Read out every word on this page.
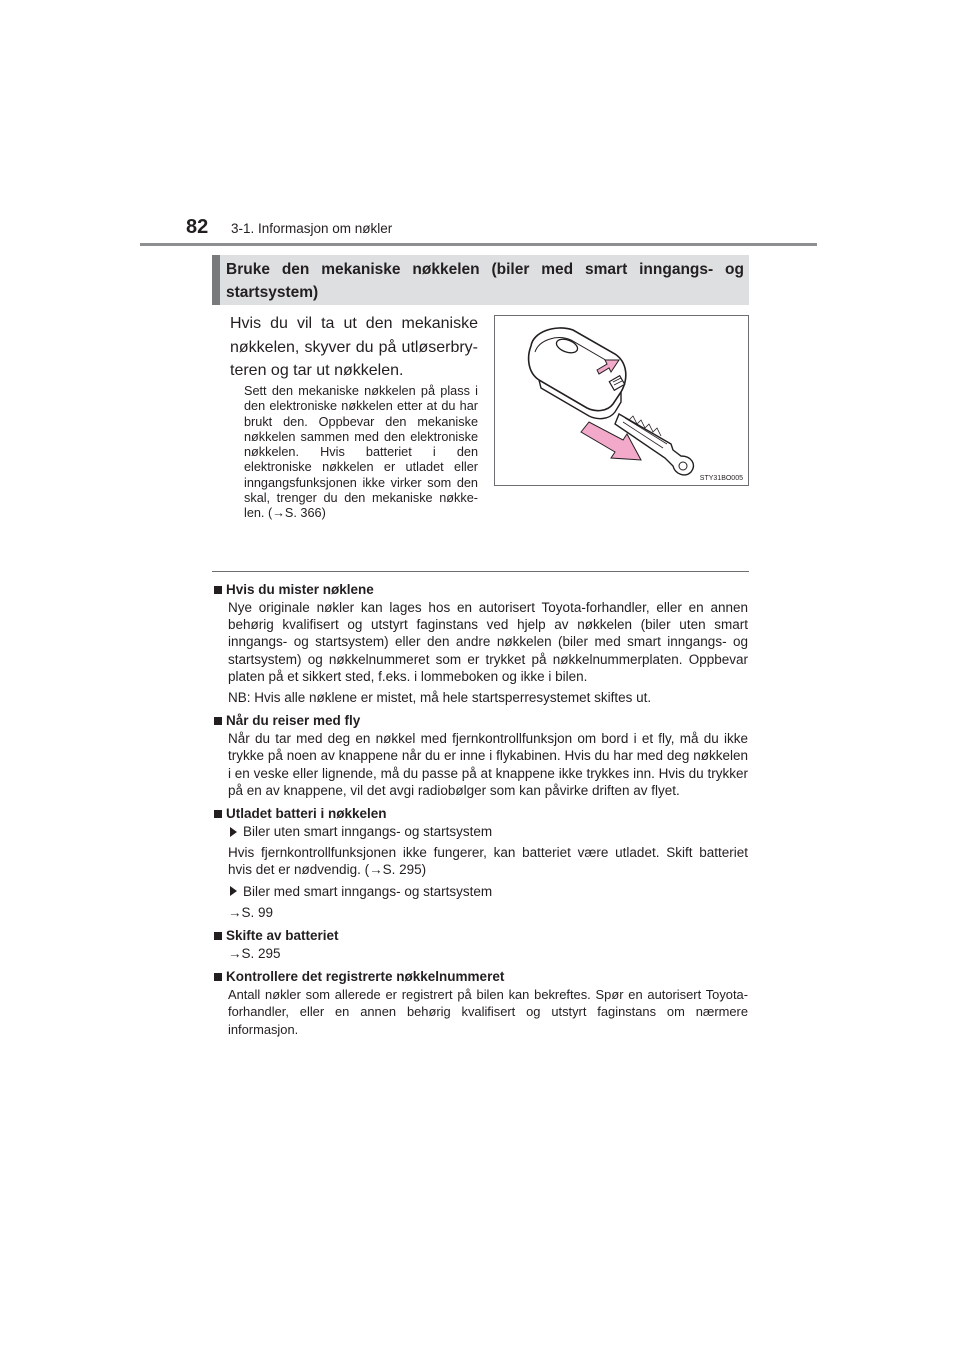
82 3-1. Informasjon om nøkler
Bruke den mekaniske nøkkelen (biler med smart inngangs- og startsystem)
Hvis du vil ta ut den mekaniske nøkkelen, skyver du på utløserbryteren og tar ut nøkkelen.
Sett den mekaniske nøkkelen på plass i den elektroniske nøkkelen etter at du har brukt den. Oppbevar den mekaniske nøkkelen sammen med den elektroniske nøkkelen. Hvis batteriet i den elektroniske nøkkelen er utladet eller inngangsfunksjonen ikke virker som den skal, trenger du den mekaniske nøkkelen. (→S. 366)
STY31BO005
Hvis du mister nøklene
Nye originale nøkler kan lages hos en autorisert Toyota-forhandler, eller en annen behørig kvalifisert og utstyrt faginstans ved hjelp av nøkkelen (biler uten smart inngangs- og startsystem) eller den andre nøkkelen (biler med smart inngangs- og startsystem) og nøkkelnummeret som er trykket på nøkkelnummerplaten. Oppbevar platen på et sikkert sted, f.eks. i lommeboken og ikke i bilen.
NB: Hvis alle nøklene er mistet, må hele startsperresystemet skiftes ut.
Når du reiser med fly
Når du tar med deg en nøkkel med fjernkontrollfunksjon om bord i et fly, må du ikke trykke på noen av knappene når du er inne i flykabinen. Hvis du har med deg nøkkelen i en veske eller lignende, må du passe på at knappene ikke trykkes inn. Hvis du trykker på en av knappene, vil det avgi radiobølger som kan påvirke driften av flyet.
Utladet batteri i nøkkelen
Biler uten smart inngangs- og startsystem
Hvis fjernkontrollfunksjonen ikke fungerer, kan batteriet være utladet. Skift batteriet hvis det er nødvendig. (→S. 295)
Biler med smart inngangs- og startsystem
→S. 99
Skifte av batteriet
→S. 295
Kontrollere det registrerte nøkkelnummeret
Antall nøkler som allerede er registrert på bilen kan bekreftes. Spør en autorisert Toyota-forhandler, eller en annen behørig kvalifisert og utstyrt faginstans om nærmere informasjon.
